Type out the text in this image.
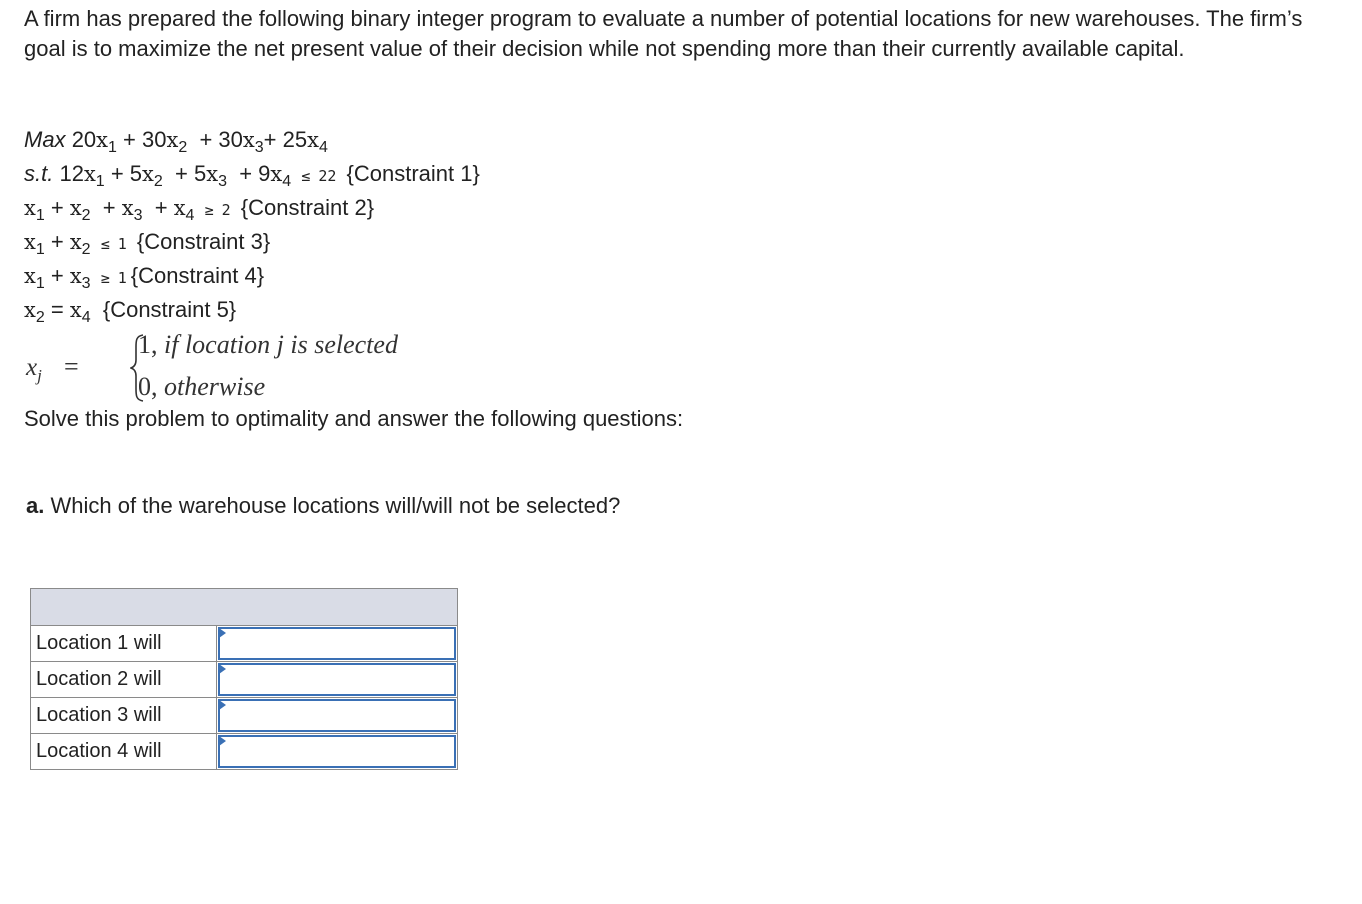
A firm has prepared the following binary integer program to evaluate a number of potential locations for new warehouses. The firm’s goal is to maximize the net present value of their decision while not spending more than their currently available capital.

Max $20x_1 + 30x_2 + 30x_3+ 25x_4$
s.t. $12x_1 + 5x_2 + 5x_3 + 9x_4 \le 22$ {Constraint 1}
$x_1 + x_2 + x_3 + x_4 \ge 2$ {Constraint 2}
$x_1 + x_2 \le 1$ {Constraint 3}
$x_1 + x_3 \ge 1$ {Constraint 4}
$x_2 = x_4$ {Constraint 5}
$x_j$ =
1, if location j is selected
0, otherwise

Solve this problem to optimality and answer the following questions:

a. Which of the warehouse locations will/will not be selected?

Location 1 will
Location 2 will
Location 3 will
Location 4 will
